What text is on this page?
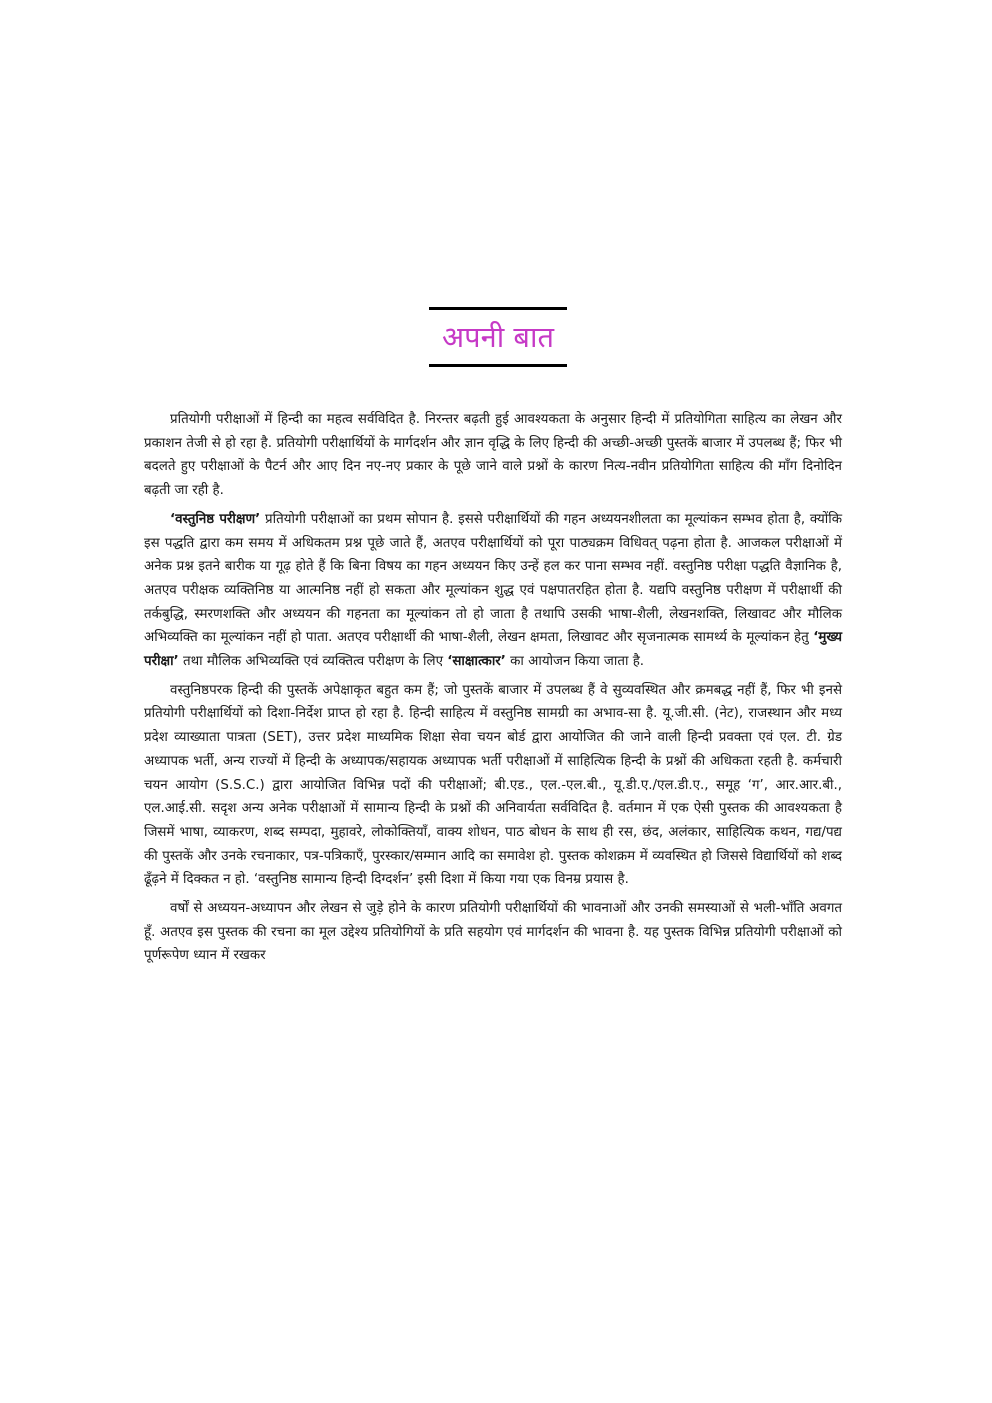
अपनी बात

प्रतियोगी परीक्षाओं में हिन्दी का महत्व सर्वविदित है. निरन्तर बढ़ती हुई आवश्यकता के अनुसार हिन्दी में प्रतियोगिता साहित्य का लेखन और प्रकाशन तेजी से हो रहा है. प्रतियोगी परीक्षार्थियों के मार्गदर्शन और ज्ञान वृद्धि के लिए हिन्दी की अच्छी-अच्छी पुस्तकें बाजार में उपलब्ध हैं; फिर भी बदलते हुए परीक्षाओं के पैटर्न और आए दिन नए-नए प्रकार के पूछे जाने वाले प्रश्नों के कारण नित्य-नवीन प्रतियोगिता साहित्य की माँग दिनोदिन बढ़ती जा रही है.

‘वस्तुनिष्ठ परीक्षण’ प्रतियोगी परीक्षाओं का प्रथम सोपान है. इससे परीक्षार्थियों की गहन अध्ययनशीलता का मूल्यांकन सम्भव होता है, क्योंकि इस पद्धति द्वारा कम समय में अधिकतम प्रश्न पूछे जाते हैं, अतएव परीक्षार्थियों को पूरा पाठ्यक्रम विधिवत् पढ़ना होता है. आजकल परीक्षाओं में अनेक प्रश्न इतने बारीक या गूढ़ होते हैं कि बिना विषय का गहन अध्ययन किए उन्हें हल कर पाना सम्भव नहीं. वस्तुनिष्ठ परीक्षा पद्धति वैज्ञानिक है, अतएव परीक्षक व्यक्तिनिष्ठ या आत्मनिष्ठ नहीं हो सकता और मूल्यांकन शुद्ध एवं पक्षपातरहित होता है. यद्यपि वस्तुनिष्ठ परीक्षण में परीक्षार्थी की तर्कबुद्धि, स्मरणशक्ति और अध्ययन की गहनता का मूल्यांकन तो हो जाता है तथापि उसकी भाषा-शैली, लेखनशक्ति, लिखावट और मौलिक अभिव्यक्ति का मूल्यांकन नहीं हो पाता. अतएव परीक्षार्थी की भाषा-शैली, लेखन क्षमता, लिखावट और सृजनात्मक सामर्थ्य के मूल्यांकन हेतु ‘मुख्य परीक्षा’ तथा मौलिक अभिव्यक्ति एवं व्यक्तित्व परीक्षण के लिए ‘साक्षात्कार’ का आयोजन किया जाता है.

वस्तुनिष्ठपरक हिन्दी की पुस्तकें अपेक्षाकृत बहुत कम हैं; जो पुस्तकें बाजार में उपलब्ध हैं वे सुव्यवस्थित और क्रमबद्ध नहीं हैं, फिर भी इनसे प्रतियोगी परीक्षार्थियों को दिशा-निर्देश प्राप्त हो रहा है. हिन्दी साहित्य में वस्तुनिष्ठ सामग्री का अभाव-सा है. यू.जी.सी. (नेट), राजस्थान और मध्य प्रदेश व्याख्याता पात्रता (SET), उत्तर प्रदेश माध्यमिक शिक्षा सेवा चयन बोर्ड द्वारा आयोजित की जाने वाली हिन्दी प्रवक्ता एवं एल. टी. ग्रेड अध्यापक भर्ती, अन्य राज्यों में हिन्दी के अध्यापक/सहायक अध्यापक भर्ती परीक्षाओं में साहित्यिक हिन्दी के प्रश्नों की अधिकता रहती है. कर्मचारी चयन आयोग (S.S.C.) द्वारा आयोजित विभिन्न पदों की परीक्षाओं; बी.एड., एल.-एल.बी., यू.डी.ए./एल.डी.ए., समूह ‘ग’, आर.आर.बी., एल.आई.सी. सदृश अन्य अनेक परीक्षाओं में सामान्य हिन्दी के प्रश्नों की अनिवार्यता सर्वविदित है. वर्तमान में एक ऐसी पुस्तक की आवश्यकता है जिसमें भाषा, व्याकरण, शब्द सम्पदा, मुहावरे, लोकोक्तियाँ, वाक्य शोधन, पाठ बोधन के साथ ही रस, छंद, अलंकार, साहित्यिक कथन, गद्य/पद्य की पुस्तकें और उनके रचनाकार, पत्र-पत्रिकाएँ, पुरस्कार/सम्मान आदि का समावेश हो. पुस्तक कोशक्रम में व्यवस्थित हो जिससे विद्यार्थियों को शब्द ढूँढ़ने में दिक्कत न हो. ‘वस्तुनिष्ठ सामान्य हिन्दी दिग्दर्शन’ इसी दिशा में किया गया एक विनम्र प्रयास है.

वर्षों से अध्ययन-अध्यापन और लेखन से जुड़े होने के कारण प्रतियोगी परीक्षार्थियों की भावनाओं और उनकी समस्याओं से भली-भाँति अवगत हूँ. अतएव इस पुस्तक की रचना का मूल उद्देश्य प्रतियोगियों के प्रति सहयोग एवं मार्गदर्शन की भावना है. यह पुस्तक विभिन्न प्रतियोगी परीक्षाओं को पूर्णरूपेण ध्यान में रखकर
